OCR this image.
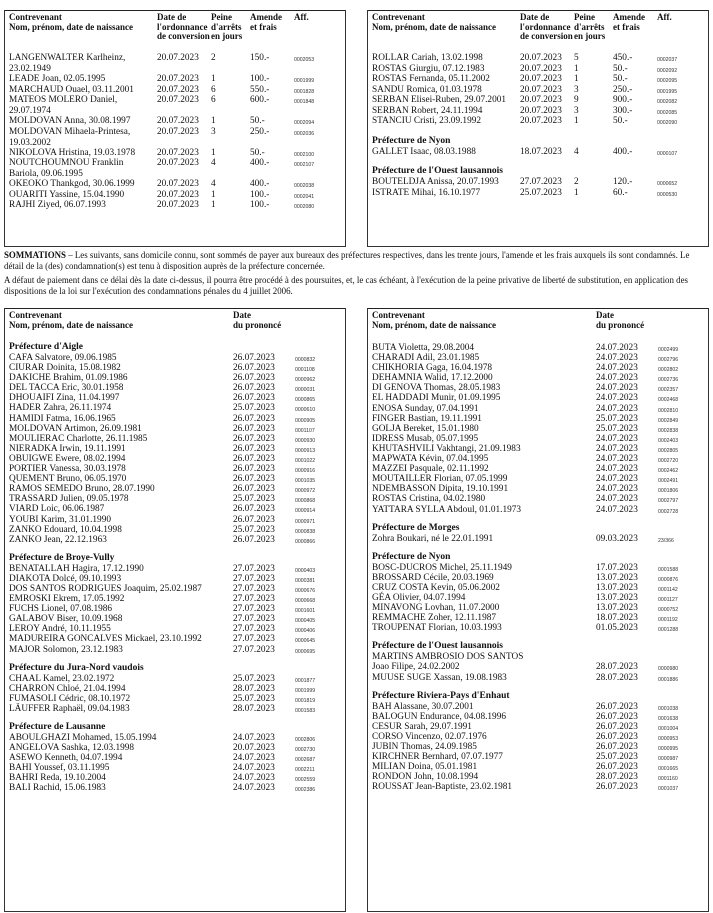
Contrevenant
Nom, prénom, date de naissance
Date de
l'ordonnance
de conversion
Peine
d'arrêts
en jours
Amende
et frais
Aff.
LANGENWALTER Karlheinz,
23.02.1949
20.07.2023 2	150.-	0002053
LEADE Joan, 02.05.1995	20.07.2023 1	100.-	0001999
MARCHAUD Ouael, 03.11.2001 20.07.2023 6	550.-	0001828
MATEOS MOLERO Daniel,
29.07.1974
20.07.2023 6	600.-	0001848
MOLDOVAN Anna, 30.08.1997	20.07.2023 1	50.-	0002094
MOLDOVAN Mihaela-Printesa,
19.03.2002
20.07.2023 3	250.-	0002036
NIKOLOVA Hristina, 19.03.1978 20.07.2023 1	50.-	0002100
NOUTCHOUMNOU Franklin
Bariola, 09.06.1995
20.07.2023 4	400.-	0002107
OKEOKO Thankgod, 30.06.1999 20.07.2023 4	400.-	0002038
OUARITI Yassine, 15.04.1990	20.07.2023 1	100.-	0002041
RAJHI Ziyed, 06.07.1993	20.07.2023 1	100.-	0002080
Contrevenant
Nom, prénom, date de naissance
Date de
l'ordonnance
de conversion
Peine
d'arrêts
en jours
Amende
et frais
Aff.
ROLLAR Cariah, 13.02.1998	20.07.2023 5	450.-	0002037
ROSTAS Giurgiu, 07.12.1983	20.07.2023 1	50.-	0002092
ROSTAS Fernanda, 05.11.2002	20.07.2023 1	50.-	0002095
SANDU Romica, 01.03.1978	20.07.2023 3	250.-	0001995
SERBAN Elisei-Ruben, 29.07.2001 20.07.2023 9	900.-	0002082
SERBAN Robert, 24.11.1994	20.07.2023 3	300.-	0002085
STANCIU Cristi, 23.09.1992	20.07.2023 1	50.-	0002090
Préfecture de Nyon
GALLET Isaac, 08.03.1988	18.07.2023 4	400.-	0000107
Préfecture de l'Ouest lausannois
BOUTELDJA Anissa, 20.07.1993 27.07.2023 2	120.-	0000652
ISTRATE Mihai, 16.10.1977	25.07.2023 1	60.-	0000530
SOMMATIONS – Les suivants, sans domicile connu, sont sommés de payer aux bureaux des préfectures respectives, dans les trente jours, l'amende et les frais auxquels ils sont condamnés. Le détail de la (des) condamnation(s) est tenu à disposition auprès de la préfecture concernée.
A défaut de paiement dans ce délai dès la date ci-dessus, il pourra être procédé à des poursuites, et, le cas échéant, à l'exécution de la peine privative de liberté de substitution, en application des dispositions de la loi sur l'exécution des condamnations pénales du 4 juillet 2006.
Contrevenant
Nom, prénom, date de naissance
Date
du prononcé
Préfecture d'Aigle
CAFA Salvatore, 09.06.1985	26.07.2023	0000832
CIURAR Doinita, 15.08.1982	26.07.2023	0001108
DAKICHE Brahim, 01.09.1986	26.07.2023	0000962
DEL TACCA Eric, 30.01.1958	26.07.2023	0000031
DHOUAIFI Zina, 11.04.1997	26.07.2023	0000865
HADER Zahra, 26.11.1974	25.07.2023	0000610
HAMIDI Fatma, 16.06.1965	26.07.2023	0000905
MOLDOVAN Artimon, 26.09.1981	26.07.2023	0001107
MOULIERAC Charlotte, 26.11.1985	26.07.2023	0000930
NIERADKA Irwin, 19.11.1991	26.07.2023	0000913
OBUIGWE Ewere, 08.02.1994	26.07.2023	0001022
PORTIER Vanessa, 30.03.1978	26.07.2023	0000916
QUEMENT Bruno, 06.05.1970	26.07.2023	0001035
RAMOS SEMEDO Bruno, 28.07.1990	26.07.2023	0000972
TRASSARD Julien, 09.05.1978	25.07.2023	0000868
VIARD Loic, 06.06.1987	26.07.2023	0000914
YOUBI Karim, 31.01.1990	26.07.2023	0000971
ZANKO Edouard, 10.04.1998	25.07.2023	0000838
ZANKO Jean, 22.12.1963	26.07.2023	0000866
Préfecture de Broye-Vully
BENATALLAH Hagira, 17.12.1990	27.07.2023	0000403
DIAKOTA Dolcé, 09.10.1993	27.07.2023	0000381
DOS SANTOS RODRIGUES Joaquim, 25.02.1987	27.07.2023	0000676
EMROSKI Ekrem, 17.05.1992	27.07.2023	0000668
FUCHS Lionel, 07.08.1986	27.07.2023	0001601
GALABOV Biser, 10.09.1968	27.07.2023	0000405
LEROY André, 10.11.1955	27.07.2023	0000406
MADUREIRA GONCALVES Mickael, 23.10.1992	27.07.2023	0000645
MAJOR Solomon, 23.12.1983	27.07.2023	0000695
Préfecture du Jura-Nord vaudois
CHAAL Kamel, 23.02.1972	25.07.2023	0001877
CHARRON Chloé, 21.04.1994	28.07.2023	0001999
FUMASOLI Cédric, 08.10.1972	25.07.2023	0001819
LÄUFFER Raphaël, 09.04.1983	28.07.2023	0001583
Préfecture de Lausanne
ABOULGHAZI Mohamed, 15.05.1994	24.07.2023	0002806
ANGELOVA Sashka, 12.03.1998	20.07.2023	0002730
ASEWO Kenneth, 04.07.1994	24.07.2023	0002687
BAHI Youssef, 03.11.1995	24.07.2023	0002211
BAHRI Reda, 19.10.2004	24.07.2023	0002559
BALI Rachid, 15.06.1983	24.07.2023	0002386
Contrevenant
Nom, prénom, date de naissance
Date
du prononcé
BUTA Violetta, 29.08.2004	24.07.2023	0002499
CHARADI Adil, 23.01.1985	24.07.2023	0002796
CHIKHORIA Gaga, 16.04.1978	24.07.2023	0002802
DEHAMNIA Walid, 17.12.2000	24.07.2023	0002736
DI GENOVA Thomas, 28.05.1983	24.07.2023	0002357
EL HADDADI Munir, 01.09.1995	24.07.2023	0002468
ENOSA Sunday, 07.04.1991	24.07.2023	0002810
FINGER Bastian, 19.11.1991	25.07.2023	0002849
GOLJA Bereket, 15.01.1980	25.07.2023	0002838
IDRESS Musab, 05.07.1995	24.07.2023	0002403
KHUTASHVILI Vakhtangi, 21.09.1983	24.07.2023	0002805
MAPWATA Kévin, 07.04.1995	24.07.2023	0002720
MAZZEI Pasquale, 02.11.1992	24.07.2023	0002462
MOUTAILLER Florian, 07.05.1999	24.07.2023	0002491
NDEMBASSON Dipita, 19.10.1991	24.07.2023	0001806
ROSTAS Cristina, 04.02.1980	24.07.2023	0002797
YATTARA SYLLA Abdoul, 01.01.1973	24.07.2023	0002728
Préfecture de Morges
Zohra Boukari, né le 22.01.1991	09.03.2023	23/366
Préfecture de Nyon
BOSC-DUCROS Michel, 25.11.1949	17.07.2023	0001588
BROSSARD Cécile, 20.03.1969	13.07.2023	0000876
CRUZ COSTA Kevin, 05.06.2002	13.07.2023	0001142
GÉA Olivier, 04.07.1994	13.07.2023	0001127
MINAVONG Lovhan, 11.07.2000	13.07.2023	0000752
REMMACHE Zoher, 12.11.1987	18.07.2023	0001192
TROUPENAT Florian, 10.03.1993	01.05.2023	0001288
Préfecture de l'Ouest lausannois
MARTINS AMBROSIO DOS SANTOS
Joao Filipe, 24.02.2002	28.07.2023	0000980
MUUSE SUGE Xassan, 19.08.1983	28.07.2023	0001886
Préfecture Riviera-Pays d'Enhaut
BAH Alassane, 30.07.2001	26.07.2023	0001038
BALOGUN Endurance, 04.08.1996	26.07.2023	0001638
CESUR Sarah, 29.07.1991	26.07.2023	0001004
CORSO Vincenzo, 02.07.1976	26.07.2023	0000953
JUBIN Thomas, 24.09.1985	26.07.2023	0000995
KIRCHNER Bernhard, 07.07.1977	25.07.2023	0000987
MILIAN Doina, 05.01.1981	26.07.2023	0001665
RONDON John, 10.08.1994	28.07.2023	0001160
ROUSSAT Jean-Baptiste, 23.02.1981	26.07.2023	0001037
